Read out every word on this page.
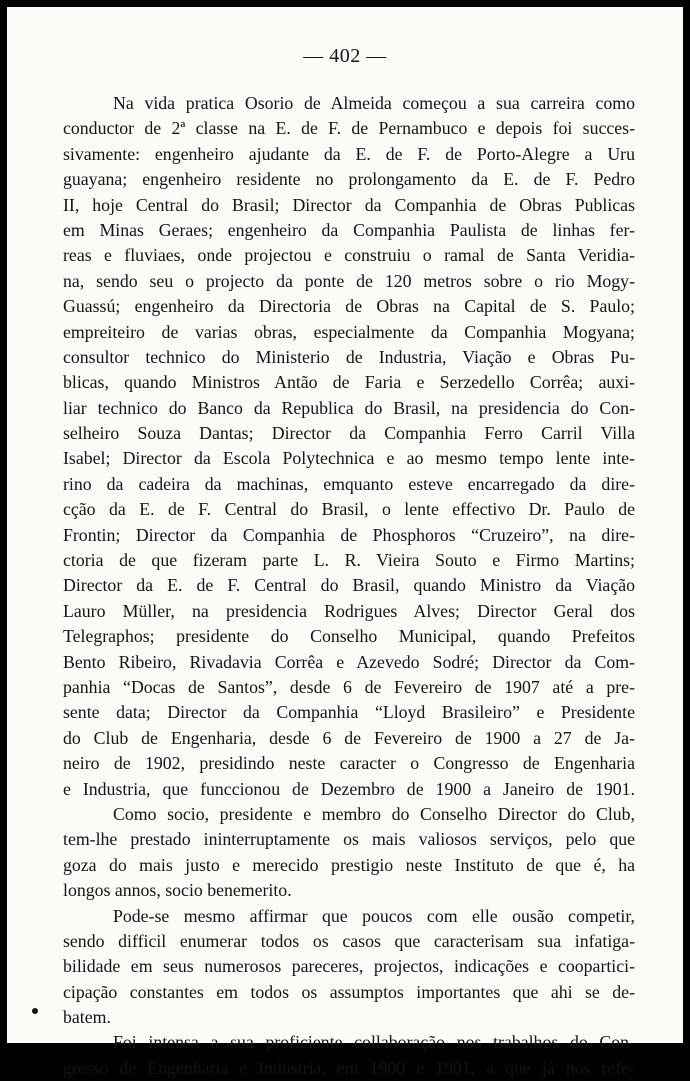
— 402 —
Na vida pratica Osorio de Almeida começou a sua carreira como
conductor de 2ª classe na E. de F. de Pernambuco e depois foi succes-
sivamente: engenheiro ajudante da E. de F. de Porto-Alegre a Uru
guayana; engenheiro residente no prolongamento da E. de F. Pedro
II, hoje Central do Brasil; Director da Companhia de Obras Publicas
em Minas Geraes; engenheiro da Companhia Paulista de linhas fer-
reas e fluviaes, onde projectou e construiu o ramal de Santa Veridia-
na, sendo seu o projecto da ponte de 120 metros sobre o rio Mogy-
Guassú; engenheiro da Directoria de Obras na Capital de S. Paulo;
empreiteiro de varias obras, especialmente da Companhia Mogyana;
consultor technico do Ministerio de Industria, Viação e Obras Pu-
blicas, quando Ministros Antão de Faria e Serzedello Corrêa; auxi-
liar technico do Banco da Republica do Brasil, na presidencia do Con-
selheiro Souza Dantas; Director da Companhia Ferro Carril Villa
Isabel; Director da Escola Polytechnica e ao mesmo tempo lente inte-
rino da cadeira da machinas, emquanto esteve encarregado da dire-
cção da E. de F. Central do Brasil, o lente effectivo Dr. Paulo de
Frontin; Director da Companhia de Phosphoros “Cruzeiro”, na dire-
ctoria de que fizeram parte L. R. Vieira Souto e Firmo Martins;
Director da E. de F. Central do Brasil, quando Ministro da Viação
Lauro Müller, na presidencia Rodrigues Alves; Director Geral dos
Telegraphos; presidente do Conselho Municipal, quando Prefeitos
Bento Ribeiro, Rivadavia Corrêa e Azevedo Sodré; Director da Com-
panhia “Docas de Santos”, desde 6 de Fevereiro de 1907 até a pre-
sente data; Director da Companhia “Lloyd Brasileiro” e Presidente
do Club de Engenharia, desde 6 de Fevereiro de 1900 a 27 de Ja-
neiro de 1902, presidindo neste caracter o Congresso de Engenharia
e Industria, que funccionou de Dezembro de 1900 a Janeiro de 1901.
Como socio, presidente e membro do Conselho Director do Club,
tem-lhe prestado ininterruptamente os mais valiosos serviços, pelo que
goza do mais justo e merecido prestigio neste Instituto de que é, ha
longos annos, socio benemerito.
Pode-se mesmo affirmar que poucos com elle ousão competir,
sendo difficil enumerar todos os casos que caracterisam sua infatiga-
bilidade em seus numerosos pareceres, projectos, indicações e coopartici-
cipação constantes em todos os assumptos importantes que ahi se de-
batem.
Foi intensa a sua proficiente collaboração nos trabalhos do Con-
gresso de Engenharia e Industria, em 1900 e 1901, a que já nos refe-
